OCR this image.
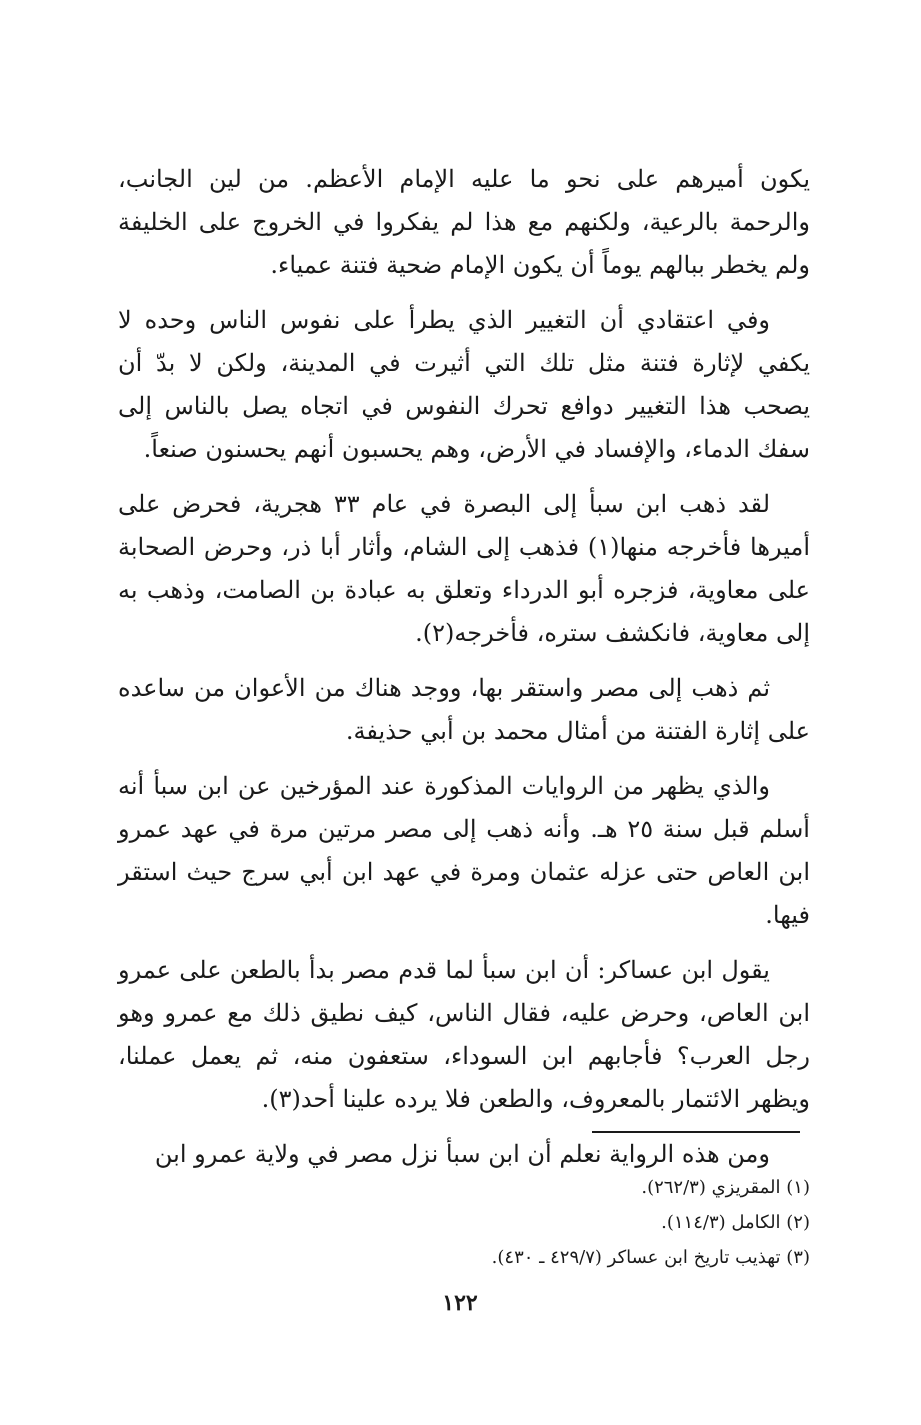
يكون أميرهم على نحو ما عليه الإمام الأعظم. من لين الجانب، والرحمة بالرعية، ولكنهم مع هذا لم يفكروا في الخروج على الخليفة ولم يخطر ببالهم يوماً أن يكون الإمام ضحية فتنة عمياء.

وفي اعتقادي أن التغيير الذي يطرأ على نفوس الناس وحده لا يكفي لإثارة فتنة مثل تلك التي أثيرت في المدينة، ولكن لا بدّ أن يصحب هذا التغيير دوافع تحرك النفوس في اتجاه يصل بالناس إلى سفك الدماء، والإفساد في الأرض، وهم يحسبون أنهم يحسنون صنعاً.

لقد ذهب ابن سبأ إلى البصرة في عام ٣٣ هجرية، فحرض على أميرها فأخرجه منها(١) فذهب إلى الشام، وأثار أبا ذر، وحرض الصحابة على معاوية، فزجره أبو الدرداء وتعلق به عبادة بن الصامت، وذهب به إلى معاوية، فانكشف ستره، فأخرجه(٢).

ثم ذهب إلى مصر واستقر بها، ووجد هناك من الأعوان من ساعده على إثارة الفتنة من أمثال محمد بن أبي حذيفة.

والذي يظهر من الروايات المذكورة عند المؤرخين عن ابن سبأ أنه أسلم قبل سنة ٢٥ هـ. وأنه ذهب إلى مصر مرتين مرة في عهد عمرو ابن العاص حتى عزله عثمان ومرة في عهد ابن أبي سرج حيث استقر فيها.

يقول ابن عساكر: أن ابن سبأ لما قدم مصر بدأ بالطعن على عمرو ابن العاص، وحرض عليه، فقال الناس، كيف نطيق ذلك مع عمرو وهو رجل العرب؟ فأجابهم ابن السوداء، ستعفون منه، ثم يعمل عملنا، ويظهر الائتمار بالمعروف، والطعن فلا يرده علينا أحد(٣).

ومن هذه الرواية نعلم أن ابن سبأ نزل مصر في ولاية عمرو ابن

(١) المقريزي (٢٦٢/٣).

(٢) الكامل (١١٤/٣).

(٣) تهذيب تاريخ ابن عساكر (٤٢٩/٧ ـ ٤٣٠).

١٢٢
